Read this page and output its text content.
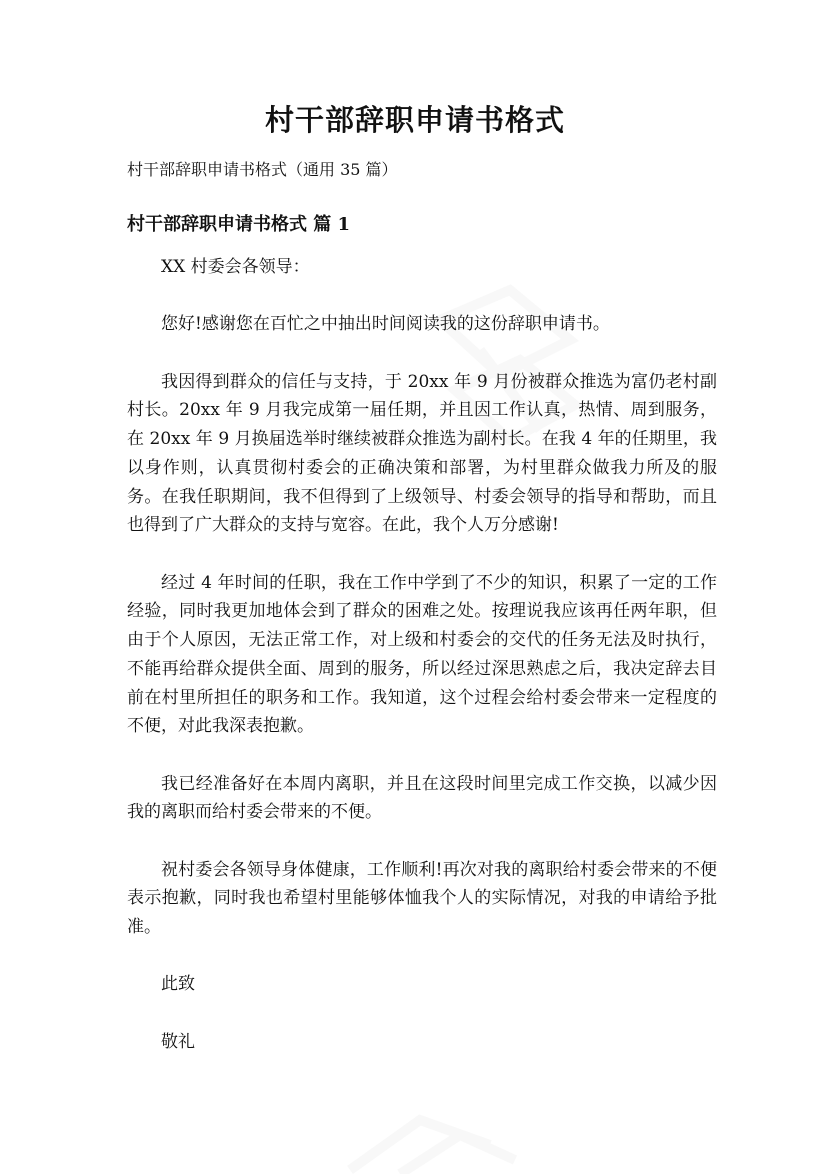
村干部辞职申请书格式
村干部辞职申请书格式（通用 35 篇）
村干部辞职申请书格式 篇 1

XX 村委会各领导：

您好!感谢您在百忙之中抽出时间阅读我的这份辞职申请书。

我因得到群众的信任与支持，于 20xx 年 9 月份被群众推选为富仍老村副村长。20xx 年 9 月我完成第一届任期，并且因工作认真，热情、周到服务，在 20xx 年 9 月换届选举时继续被群众推选为副村长。在我 4 年的任期里，我以身作则，认真贯彻村委会的正确决策和部署，为村里群众做我力所及的服务。在我任职期间，我不但得到了上级领导、村委会领导的指导和帮助，而且也得到了广大群众的支持与宽容。在此，我个人万分感谢!

经过 4 年时间的任职，我在工作中学到了不少的知识，积累了一定的工作经验，同时我更加地体会到了群众的困难之处。按理说我应该再任两年职，但由于个人原因，无法正常工作，对上级和村委会的交代的任务无法及时执行，不能再给群众提供全面、周到的服务，所以经过深思熟虑之后，我决定辞去目前在村里所担任的职务和工作。我知道，这个过程会给村委会带来一定程度的不便，对此我深表抱歉。

我已经准备好在本周内离职，并且在这段时间里完成工作交换，以减少因我的离职而给村委会带来的不便。

祝村委会各领导身体健康，工作顺利!再次对我的离职给村委会带来的不便表示抱歉，同时我也希望村里能够体恤我个人的实际情况，对我的申请给予批准。

此致

敬礼
